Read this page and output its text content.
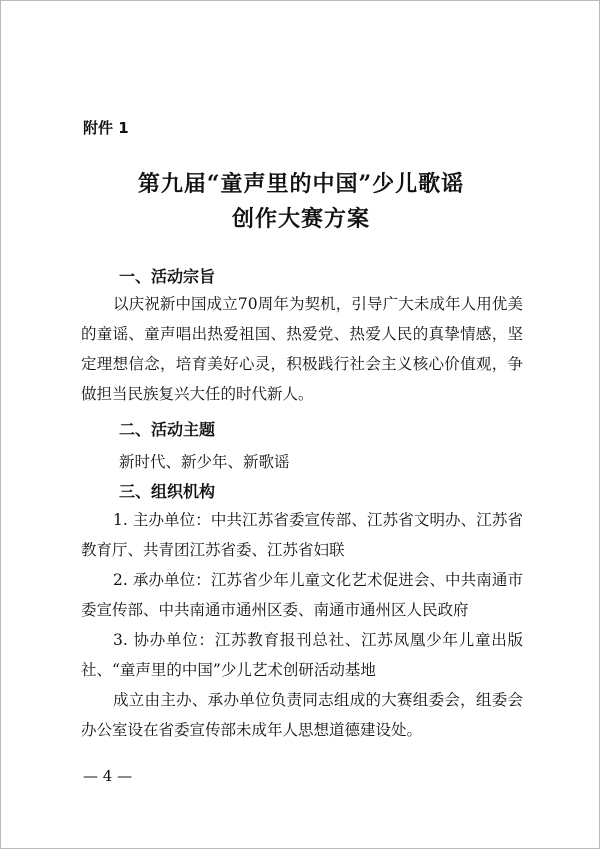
附件 1
第九届“童声里的中国”少儿歌谣
创作大赛方案
一、活动宗旨

以庆祝新中国成立70周年为契机，引导广大未成年人用优美的童谣、童声唱出热爱祖国、热爱党、热爱人民的真挚情感，坚定理想信念，培育美好心灵，积极践行社会主义核心价值观，争做担当民族复兴大任的时代新人。

二、活动主题
新时代、新少年、新歌谣
三、组织机构

1. 主办单位：中共江苏省委宣传部、江苏省文明办、江苏省教育厅、共青团江苏省委、江苏省妇联

2. 承办单位：江苏省少年儿童文化艺术促进会、中共南通市委宣传部、中共南通市通州区委、南通市通州区人民政府

3. 协办单位：江苏教育报刊总社、江苏凤凰少年儿童出版社、“童声里的中国”少儿艺术创研活动基地

成立由主办、承办单位负责同志组成的大赛组委会，组委会办公室设在省委宣传部未成年人思想道德建设处。

— 4 —
